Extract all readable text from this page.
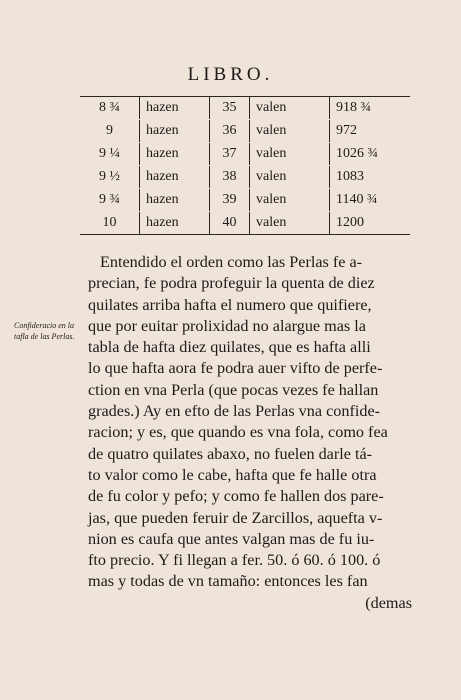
LIBRO.
8 ¾	hazen	35	valen	918 ¾
9	hazen	36	valen	972
9 ¼	hazen	37	valen	1026 ¾
9 ½	hazen	38	valen	1083
9 ¾	hazen	39	valen	1140 ¾
10	hazen	40	valen	1200
Confideracio en la tafla de las Perlas.
Entendido el orden como las Perlas fe a-
precian, fe podra profeguir la quenta de diez
quilates arriba hafta el numero que quifiere,
que por euitar prolixidad no alargue mas la
tabla de hafta diez quilates, que es hafta alli
lo que hafta aora fe podra auer vifto de perfe-
ction en vna Perla (que pocas vezes fe hallan
grades.) Ay en efto de las Perlas vna confide-
racion; y es, que quando es vna fola, como fea
de quatro quilates abaxo, no fuelen darle tá-
to valor como le cabe, hafta que fe halle otra
de fu color y pefo; y como fe hallen dos pare-
jas, que pueden feruir de Zarcillos, aquefta v-
nion es caufa que antes valgan mas de fu iu-
fto precio. Y fi llegan a fer. 50. ó 60. ó 100. ó
mas y todas de vn tamaño: entonces les fan
(demas
